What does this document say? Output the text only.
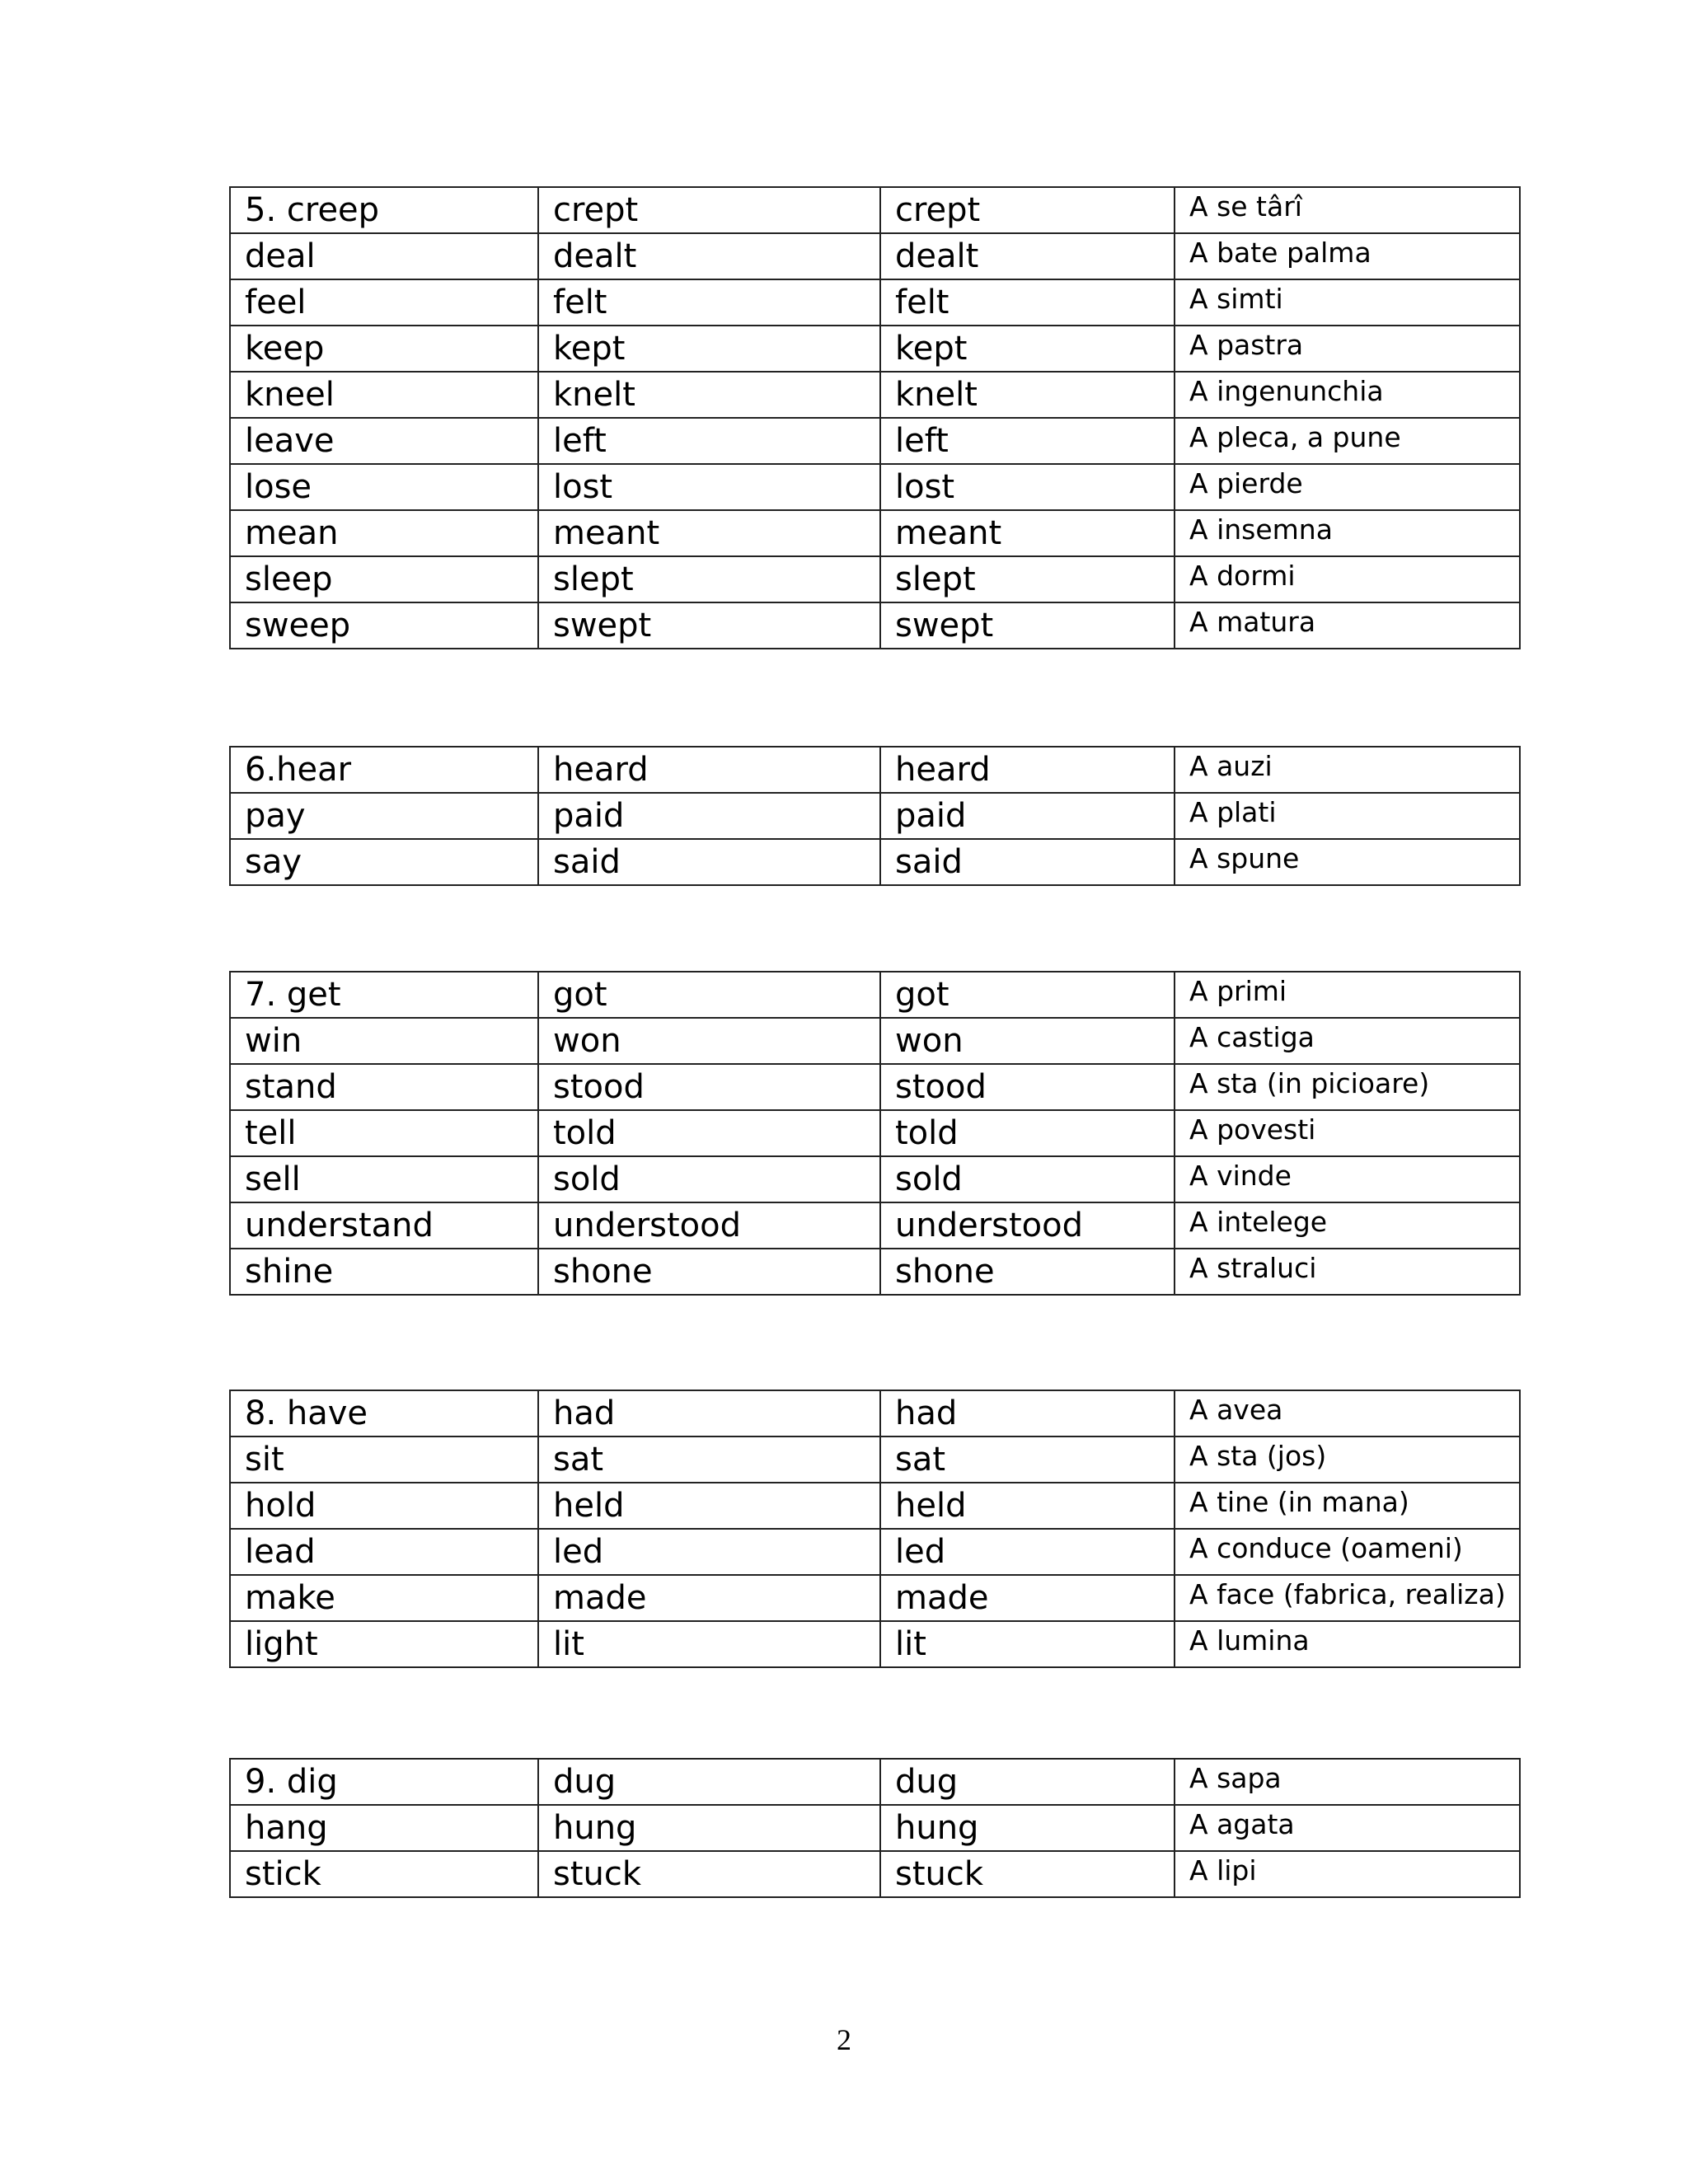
5. creep	crept	crept	A se târî
deal	dealt	dealt	A bate palma
feel	felt	felt	A simti
keep	kept	kept	A pastra
kneel	knelt	knelt	A ingenunchia
leave	left	left	A pleca, a pune
lose	lost	lost	A pierde
mean	meant	meant	A insemna
sleep	slept	slept	A dormi
sweep	swept	swept	A matura
6.hear	heard	heard	A auzi
pay	paid	paid	A plati
say	said	said	A spune
7. get	got	got	A primi
win	won	won	A castiga
stand	stood	stood	A sta (in picioare)
tell	told	told	A povesti
sell	sold	sold	A vinde
understand	understood	understood	A intelege
shine	shone	shone	A straluci
8. have	had	had	A avea
sit	sat	sat	A sta (jos)
hold	held	held	A tine (in mana)
lead	led	led	A conduce (oameni)
make	made	made	A face (fabrica, realiza)
light	lit	lit	A lumina
9. dig	dug	dug	A sapa
hang	hung	hung	A agata
stick	stuck	stuck	A lipi
2
